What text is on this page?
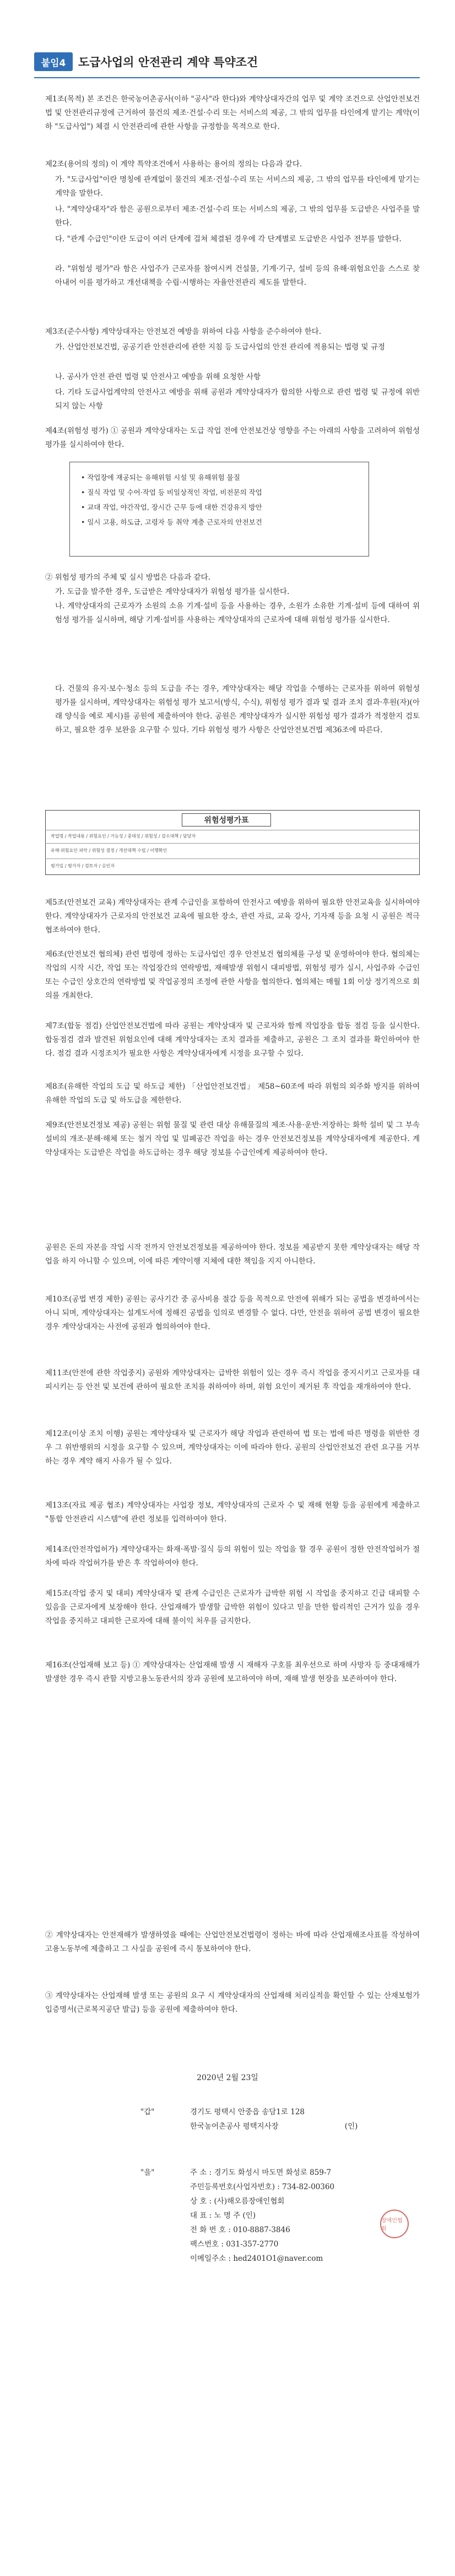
붙임4	도급사업의 안전관리 계약 특약조건
제1조(목적) 본 조건은 한국농어촌공사(이하 "공사"라 한다)와 계약상대자간의 업무 및 계약 조건으로 산업안전보건법 및 안전관리규정에 근거하여 물건의 제조·건설·수리 또는 서비스의 제공, 그 밖의 업무를 타인에게 맡기는 계약(이하 "도급사업") 체결 시 안전관리에 관한 사항을 규정함을 목적으로 한다.
제2조(용어의 정의) 이 계약 특약조건에서 사용하는 용어의 정의는 다음과 같다.
가. "도급사업"이란 명칭에 관계없이 물건의 제조·건설·수리 또는 서비스의 제공, 그 밖의 업무를 타인에게 맡기는 계약을 말한다.
나. "계약상대자"라 함은 공원으로부터 제조·건설·수리 또는 서비스의 제공, 그 밖의 업무를 도급받은 사업주를 말한다.
다. "관계 수급인"이란 도급이 여러 단계에 걸쳐 체결된 경우에 각 단계별로 도급받은 사업주 전부를 말한다.
라. "위험성 평가"라 함은 사업주가 근로자를 참여시켜 건설물, 기계·기구, 설비 등의 유해·위험요인을 스스로 찾아내어 이를 평가하고 개선대책을 수립·시행하는 자율안전관리 제도를 말한다.
제3조(준수사항) 계약상대자는 안전보건 예방을 위하여 다음 사항을 준수하여야 한다.
가. 산업안전보건법, 공공기관 안전관리에 관한 지침 등 도급사업의 안전 관리에 적용되는 법령 및 규정
나. 공사가 안전 관련 법령 및 안전사고 예방을 위해 요청한 사항
다. 기타 도급사업계약의 안전사고 예방을 위해 공원과 계약상대자가 합의한 사항으로 관련 법령 및 규정에 위반되지 않는 사항
제4조(위험성 평가) ① 공원과 계약상대자는 도급 작업 전에 안전보건상 영향을 주는 아래의 사항을 고려하여 위험성 평가를 실시하여야 한다.
• 작업장에 재공되는 유해위험 시설 및 유해위험 물질
• 질식 작업 및 수어·작업 등 비일상적인 작업, 비전문의 작업
• 교대 작업, 야간작업, 장시간 근무 등에 대한 건강유지 방안
• 일시 고용, 하도급, 고령자 등 취약 계층 근로자의 안전보건
② 위험성 평가의 주체 및 실시 방법은 다음과 같다.
가. 도급을 발주한 경우, 도급받은 계약상대자가 위험성 평가를 실시한다.
나. 계약상대자의 근로자가 소원의 소유 기계·설비 등을 사용하는 경우, 소원가 소유한 기계·설비 등에 대하여 위험성 평가를 실시하며, 해당 기계·설비를 사용하는 계약상대자의 근로자에 대해 위험성 평가를 실시한다.
다. 건물의 유지·보수·청소 등의 도급을 주는 경우, 계약상대자는 해당 작업을 수행하는 근로자를 위하여 위험성 평가를 실시하며, 계약상대자는 위험성 평가 보고서(방식, 수식), 위험성 평가 결과 및 결과 조치 결과·후원(자)(아래 양식을 예로 제시)를 공원에 제출하여야 한다. 공원은 계약상대자가 실시한 위험성 평가 결과가 적정한지 검토하고, 필요한 경우 보완을 요구할 수 있다. 기타 위험성 평가 사항은 산업안전보건법 제36조에 따른다.
위험성평가표
작업명 / 작업내용 / 위험요인 / 가능성 / 중대성 / 위험성 / 감소대책 / 담당자
유해·위험요인 파악 / 위험성 결정 / 개선대책 수립 / 이행확인
평가일 / 평가자 / 검토자 / 승인자
제5조(안전보건 교육) 계약상대자는 관계 수급인을 포함하여 안전사고 예방을 위하여 필요한 안전교육을 실시하여야 한다. 계약상대자가 근로자의 안전보건 교육에 필요한 장소, 관련 자료, 교육 강사, 기자재 등을 요청 시 공원은 적극 협조하여야 한다.
제6조(안전보건 협의체) 관련 법령에 정하는 도급사업인 경우 안전보건 협의체를 구성 및 운영하여야 한다. 협의체는 작업의 시작 시간, 작업 또는 작업장간의 연락방법, 재해발생 위험시 대피방법, 위험성 평가 실시, 사업주와 수급인 또는 수급인 상호간의 연락방법 및 작업공정의 조정에 관한 사항을 협의한다. 협의체는 매월 1회 이상 정기적으로 회의를 개최한다.
제7조(합동 점검) 산업안전보건법에 따라 공원는 계약상대자 및 근로자와 함께 작업장을 합동 점검 등을 실시한다. 합동점검 결과 발견된 위험요인에 대해 계약상대자는 조치 결과를 제출하고, 공원은 그 조치 결과를 확인하여야 한다. 점검 결과 시정조치가 필요한 사항은 계약상대자에게 시정을 요구할 수 있다.
제8조(유해한 작업의 도급 및 하도급 제한) 「산업안전보건법」 제58~60조에 따라 위험의 외주화 방지를 위하여 유해한 작업의 도급 및 하도급을 제한한다.
제9조(안전보건정보 제공) 공원는 위험 물질 및 관련 대상 유해물질의 제조·사용·운반·저장하는 화학 설비 및 그 부속설비의 개조·분해·해체 또는 철거 작업 및 밀폐공간 작업을 하는 경우 안전보건정보를 계약상대자에게 제공한다. 계약상대자는 도급받은 작업을 하도급하는 경우 해당 정보를 수급인에게 제공하여야 한다.
공원은 돈의 자본을 작업 시작 전까지 안전보건정보를 제공하여야 한다. 정보를 제공받지 못한 계약상대자는 해당 작업을 하지 아니할 수 있으며, 이에 따른 계약이행 지체에 대한 책임을 지지 아니한다.
제10조(공법 변경 제한) 공원는 공사기간 중 공사비용 절감 등을 목적으로 안전에 위해가 되는 공법을 변경하여서는 아니 되며, 계약상대자는 설계도서에 정해진 공법을 임의로 변경할 수 없다. 다만, 안전을 위하여 공법 변경이 필요한 경우 계약상대자는 사전에 공원과 협의하여야 한다.
제11조(안전에 관한 작업중지) 공원와 계약상대자는 급박한 위험이 있는 경우 즉시 작업을 중지시키고 근로자를 대피시키는 등 안전 및 보건에 관하여 필요한 조치를 취하여야 하며, 위험 요인이 제거된 후 작업을 재개하여야 한다.
제12조(이상 조치 이행) 공원는 계약상대자 및 근로자가 해당 작업과 관련하여 법 또는 법에 따른 명령을 위반한 경우 그 위반행위의 시정을 요구할 수 있으며, 계약상대자는 이에 따라야 한다. 공원의 산업안전보건 관련 요구를 거부하는 경우 계약 해지 사유가 될 수 있다.
제13조(자료 제공 협조) 계약상대자는 사업장 정보, 계약상대자의 근로자 수 및 재해 현황 등을 공원에게 제출하고 "통합 안전관리 시스템"에 관련 정보를 입력하여야 한다.
제14조(안전작업허가) 계약상대자는 화재·폭발·질식 등의 위험이 있는 작업을 할 경우 공원이 정한 안전작업허가 절차에 따라 작업허가를 받은 후 작업하여야 한다.
제15조(작업 중지 및 대피) 계약상대자 및 관계 수급인은 근로자가 급박한 위험 시 작업을 중지하고 긴급 대피할 수 있음을 근로자에게 보장해야 한다. 산업재해가 발생할 급박한 위험이 있다고 믿을 만한 합리적인 근거가 있을 경우 작업을 중지하고 대피한 근로자에 대해 불이익 처우를 금지한다.
제16조(산업재해 보고 등) ① 계약상대자는 산업재해 발생 시 재해자 구호를 최우선으로 하며 사망자 등 중대재해가 발생한 경우 즉시 관할 지방고용노동관서의 장과 공원에 보고하여야 하며, 재해 발생 현장을 보존하여야 한다.
② 계약상대자는 안전재해가 발생하였을 때에는 산업안전보건법령이 정하는 바에 따라 산업재해조사표를 작성하여 고용노동부에 제출하고 그 사실을 공원에 즉시 통보하여야 한다.
③ 계약상대자는 산업재해 발생 또는 공원의 요구 시 계약상대자의 산업재해 처리실적을 확인할 수 있는 산재보험가입증명서(근로복지공단 발급) 등을 공원에 제출하여야 한다.
2020년 2월 23일
"갑"	경기도 평택시 안중읍 송담1로 128
한국농어촌공사 평택지사장	(인)
"을"	주 소 : 경기도 화성시 마도면 화성로 859-7
주민등록번호(사업자번호) : 734-82-00360
상 호 : (사)해오름장애인협회
대 표 : 노 명 주 (인)
전 화 번 호 : 010-8887-3846
팩스번호 : 031-357-2770
이메일주소 : hed2401O1@naver.com
장애인협회
